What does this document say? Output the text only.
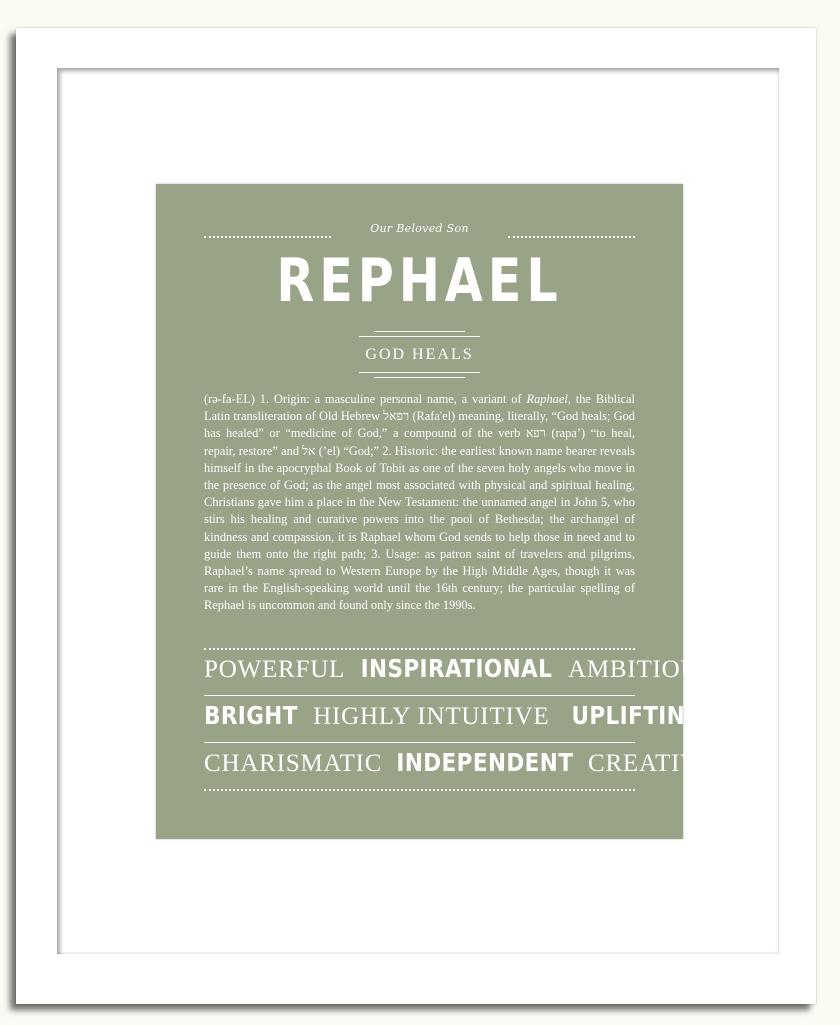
Our Beloved Son
REPHAEL
GOD HEALS
(rə-fa-EL) 1. Origin: a masculine personal name, a variant of Raphael, the Biblical Latin transliteration of Old Hebrew רפאל (Rafa'el) meaning, literally, “God heals; God has healed” or “medicine of God,” a compound of the verb רפא (rapa’) “to heal, repair, restore” and אל (’el) “God;” 2. Historic: the earliest known name bearer reveals himself in the apocryphal Book of Tobit as one of the seven holy angels who move in the presence of God; as the angel most associated with physical and spiritual healing, Christians gave him a place in the New Testament: the unnamed angel in John 5, who stirs his healing and curative powers into the pool of Bethesda; the archangel of kindness and compassion, it is Raphael whom God sends to help those in need and to guide them onto the right path; 3. Usage: as patron saint of travelers and pilgrims, Raphael’s name spread to Western Europe by the High Middle Ages, though it was rare in the English-speaking world until the 16th century; the particular spelling of Rephael is uncommon and found only since the 1990s.
POWERFUL INSPIRATIONAL AMBITIOUS
BRIGHT HIGHLY INTUITIVE UPLIFTING
CHARISMATIC INDEPENDENT CREATIVE
